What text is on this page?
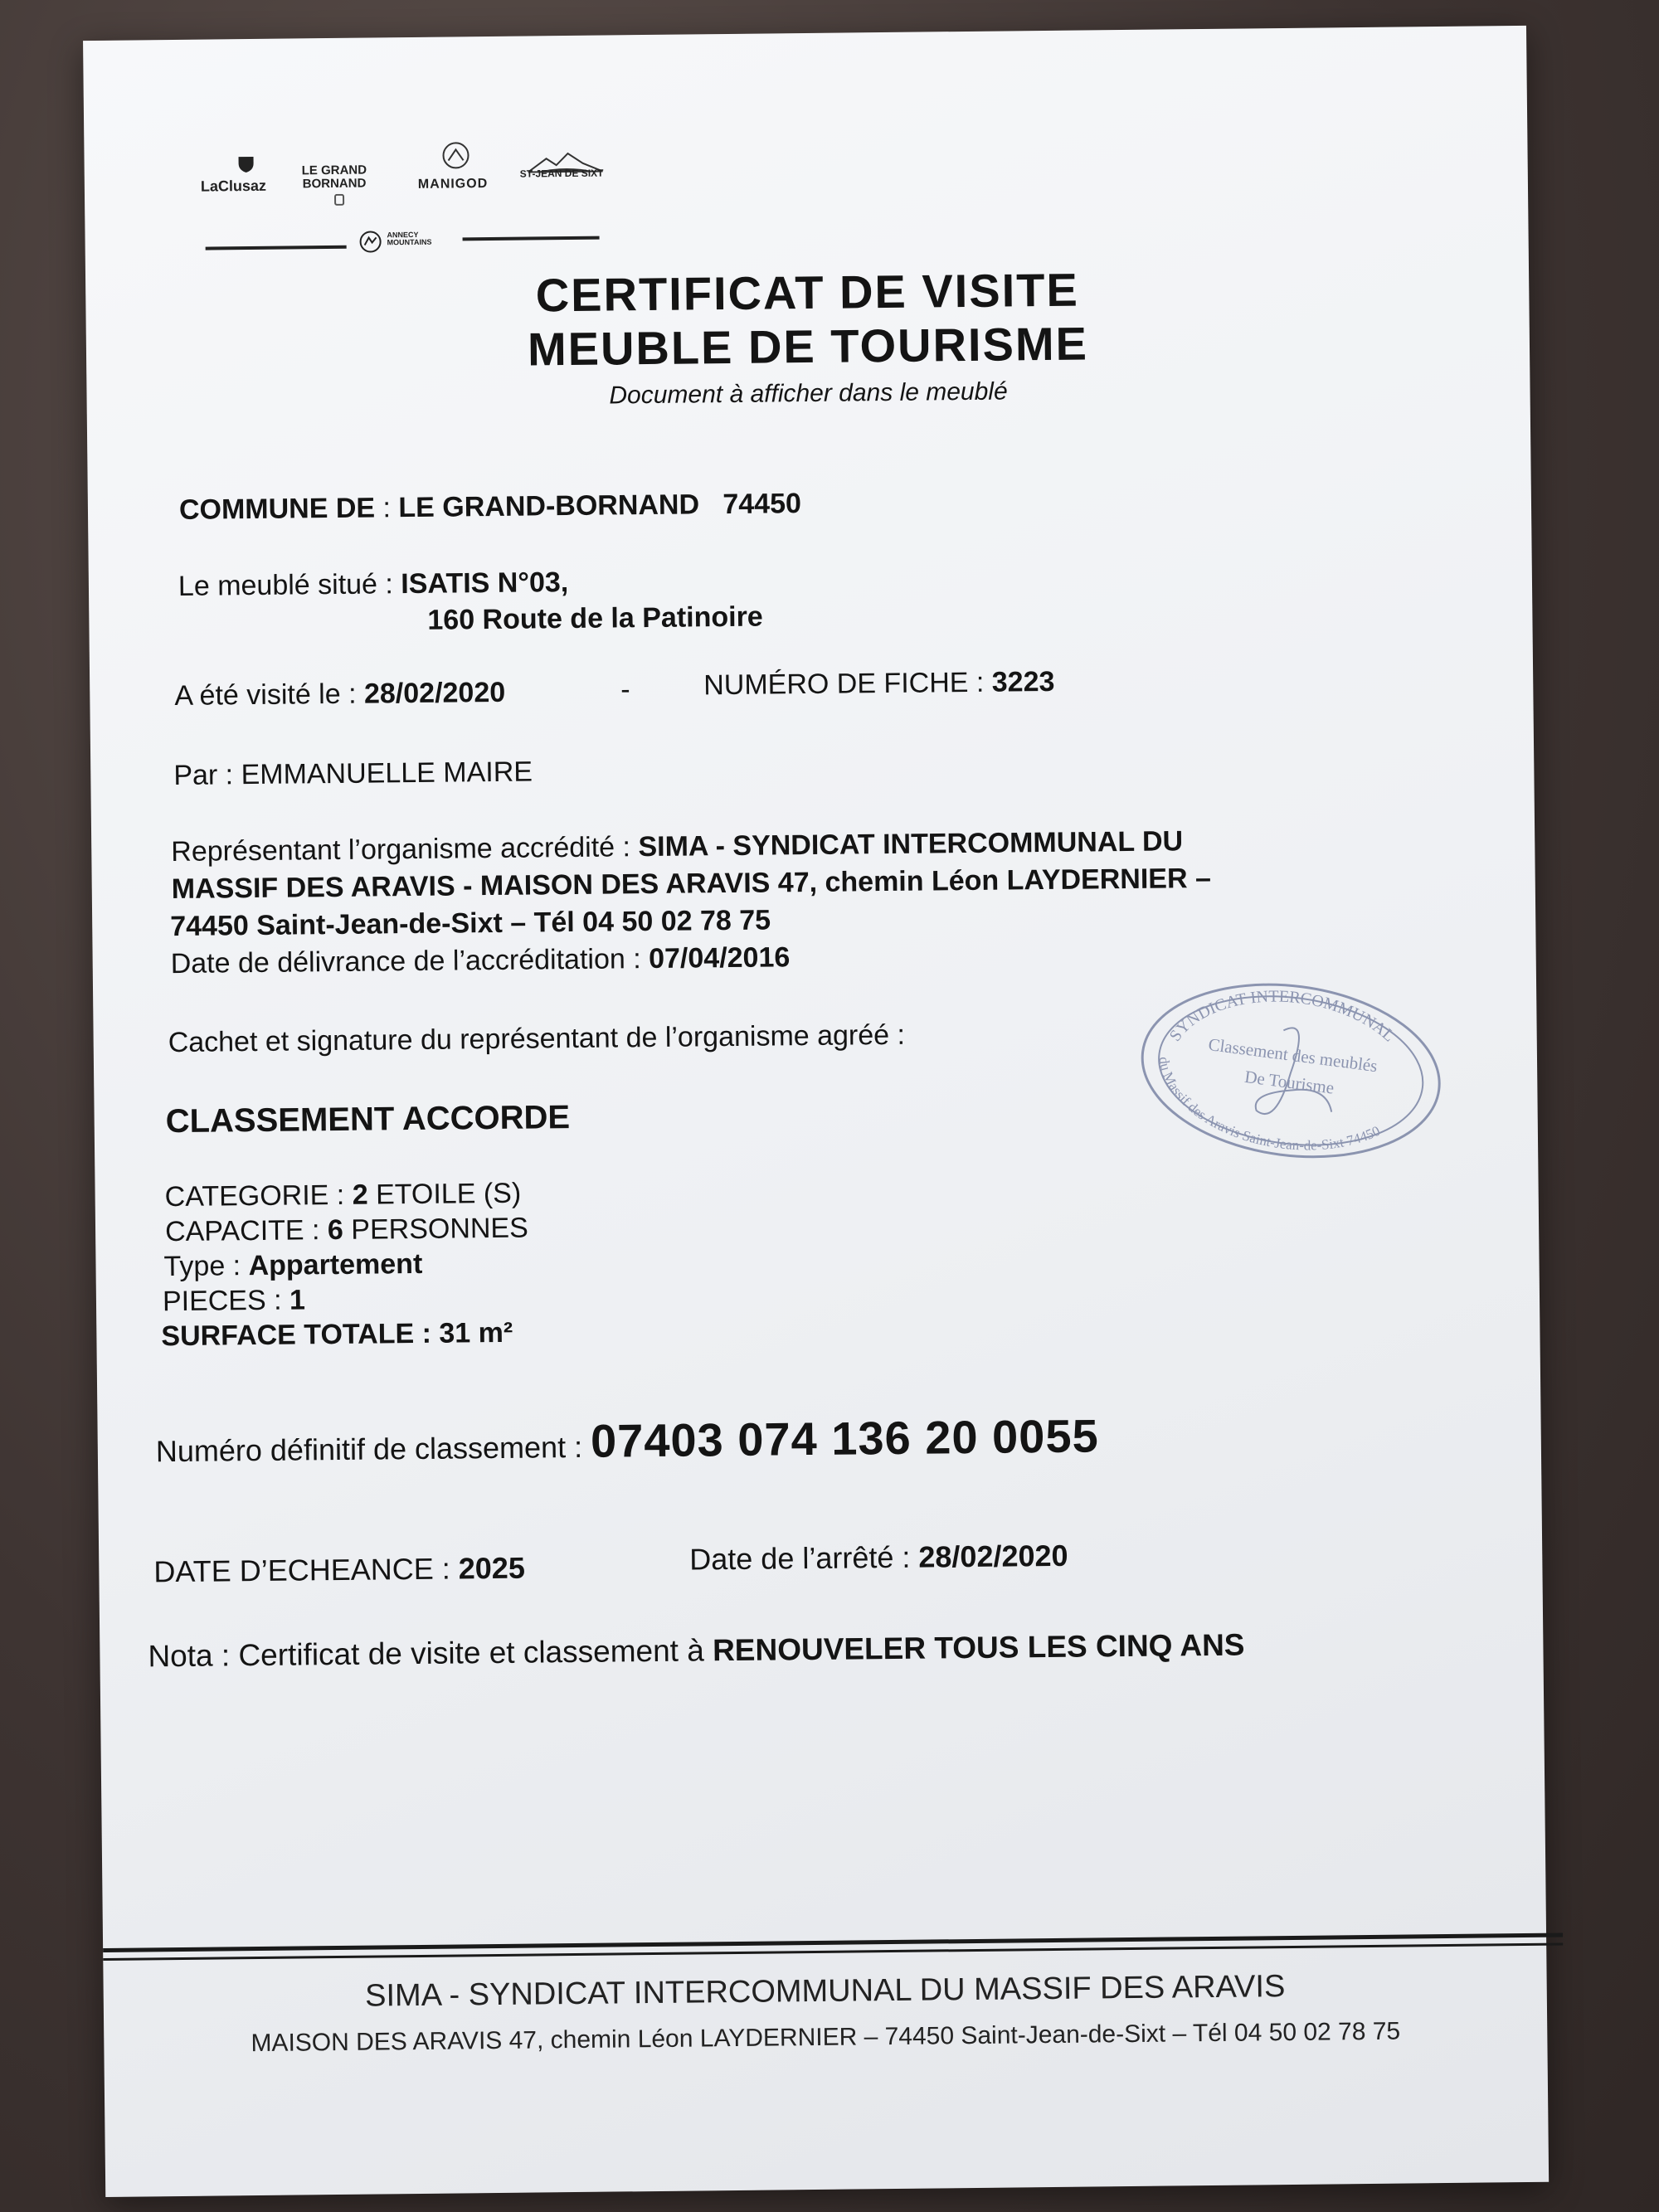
LaClusaz
LE GRAND
BORNAND	MANIGOD
ST-JEAN DE SIXT
ANNECY
MOUNTAINS
CERTIFICAT DE VISITE
MEUBLE DE TOURISME
Document à afficher dans le meublé
COMMUNE DE : LE GRAND-BORNAND   74450
Le meublé situé : ISATIS N°03,
160 Route de la Patinoire
A été visité le : 28/02/2020	-	NUMÉRO DE FICHE : 3223
Par : EMMANUELLE MAIRE
Représentant l’organisme accrédité : SIMA - SYNDICAT INTERCOMMUNAL DU
MASSIF DES ARAVIS - MAISON DES ARAVIS 47, chemin Léon LAYDERNIER –
74450 Saint-Jean-de-Sixt – Tél 04 50 02 78 75
Date de délivrance de l’accréditation : 07/04/2016
Cachet et signature du représentant de l’organisme agréé :	SYNDICAT INTERCOMMUNAL
Classement des meublés
De Tourisme
du Massif des Aravis Saint-Jean-de-Sixt 74450
CLASSEMENT ACCORDE
CATEGORIE : 2 ETOILE (S)
CAPACITE : 6 PERSONNES
Type : Appartement
PIECES : 1
SURFACE TOTALE : 31 m²
Numéro définitif de classement : 07403 074 136 20 0055
DATE D’ECHEANCE : 2025	Date de l’arrêté : 28/02/2020
Nota : Certificat de visite et classement à RENOUVELER TOUS LES CINQ ANS
SIMA - SYNDICAT INTERCOMMUNAL DU MASSIF DES ARAVIS
MAISON DES ARAVIS 47, chemin Léon LAYDERNIER – 74450 Saint-Jean-de-Sixt – Tél 04 50 02 78 75
